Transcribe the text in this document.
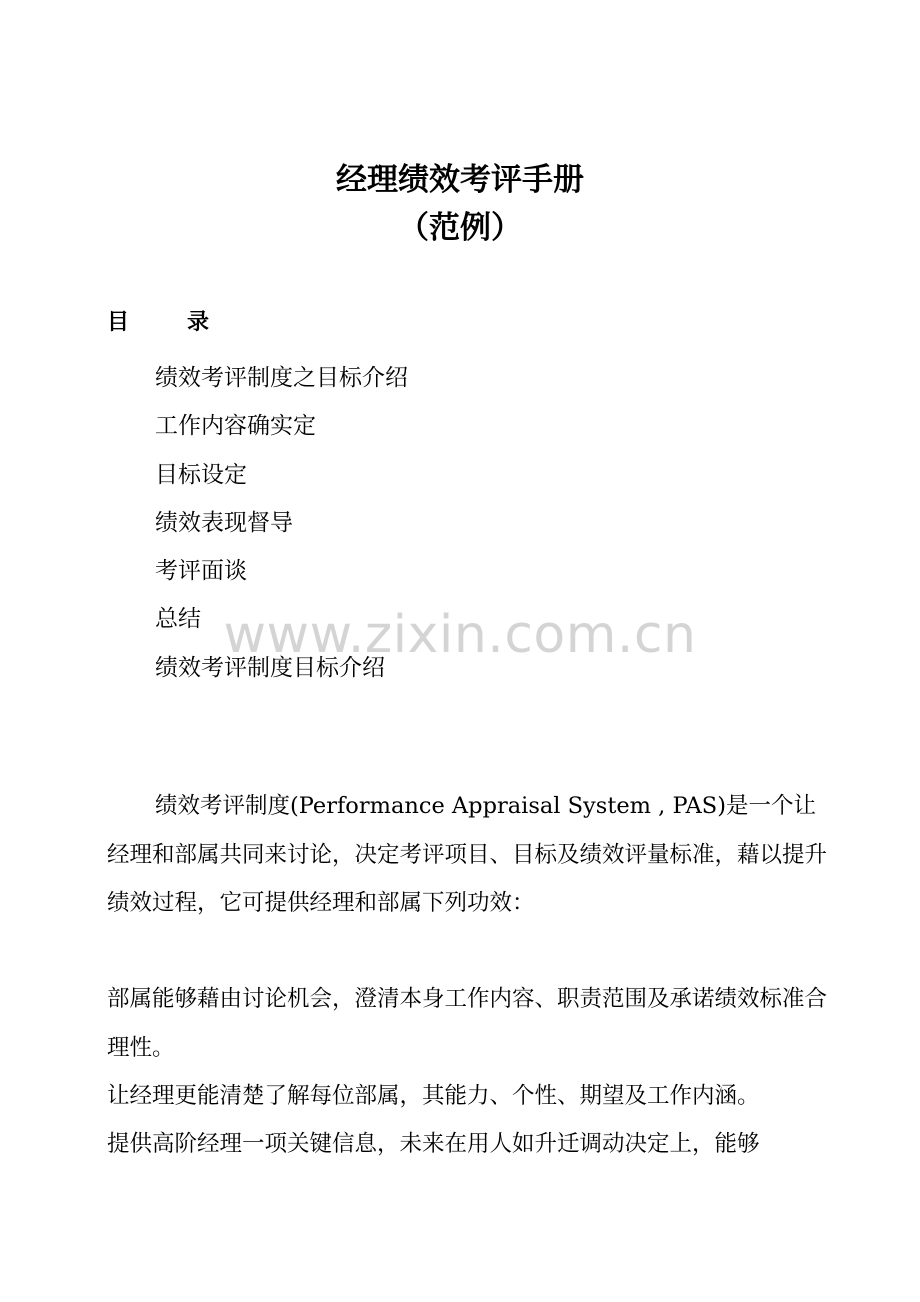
经理绩效考评手册
（范例）
目	录
绩效考评制度之目标介绍
工作内容确实定
目标设定
绩效表现督导
考评面谈
总结
绩效考评制度目标介绍
www.zixin.com.cn

绩效考评制度(Performance Appraisal System , PAS)是一个让经理和部属共同来讨论，决定考评项目、目标及绩效评量标准，藉以提升绩效过程，它可提供经理和部属下列功效：

部属能够藉由讨论机会，澄清本身工作内容、职责范围及承诺绩效标准合理性。

让经理更能清楚了解每位部属，其能力、个性、期望及工作内涵。

提供高阶经理一项关键信息，未来在用人如升迁调动决定上，能够
